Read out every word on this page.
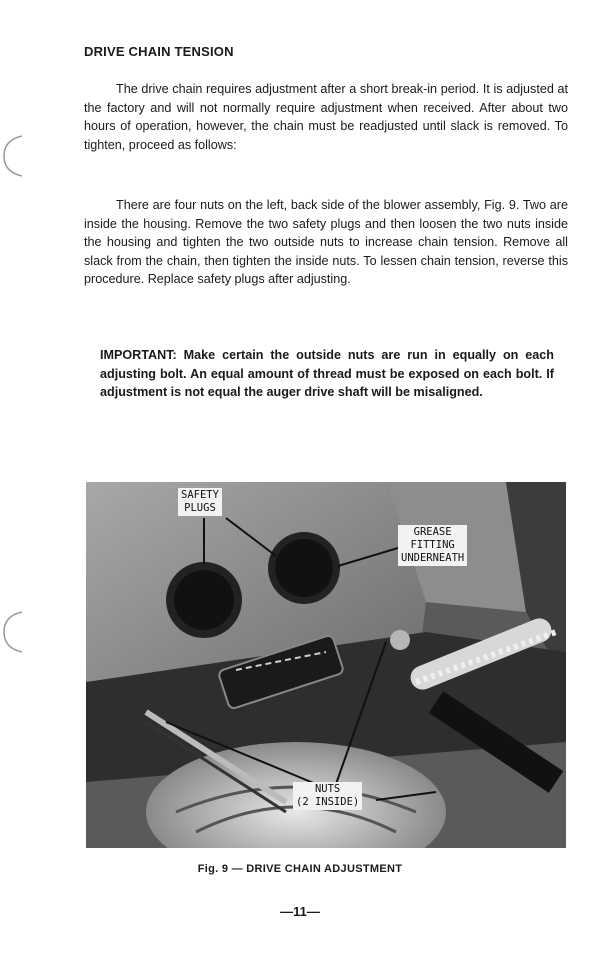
DRIVE CHAIN TENSION

The drive chain requires adjustment after a short break-in period. It is adjusted at the factory and will not normally require adjustment when received. After about two hours of operation, however, the chain must be readjusted until slack is removed. To tighten, proceed as follows:

There are four nuts on the left, back side of the blower assembly, Fig. 9. Two are inside the housing. Remove the two safety plugs and then loosen the two nuts inside the housing and tighten the two outside nuts to increase chain tension. Remove all slack from the chain, then tighten the inside nuts. To lessen chain tension, reverse this procedure. Replace safety plugs after adjusting.

IMPORTANT: Make certain the outside nuts are run in equally on each adjusting bolt. An equal amount of thread must be exposed on each bolt. If adjustment is not equal the auger drive shaft will be misaligned.

SAFETY
PLUGS
GREASE
FITTING
UNDERNEATH
NUTS
(2 INSIDE)
Fig. 9 — DRIVE CHAIN ADJUSTMENT
—11—
